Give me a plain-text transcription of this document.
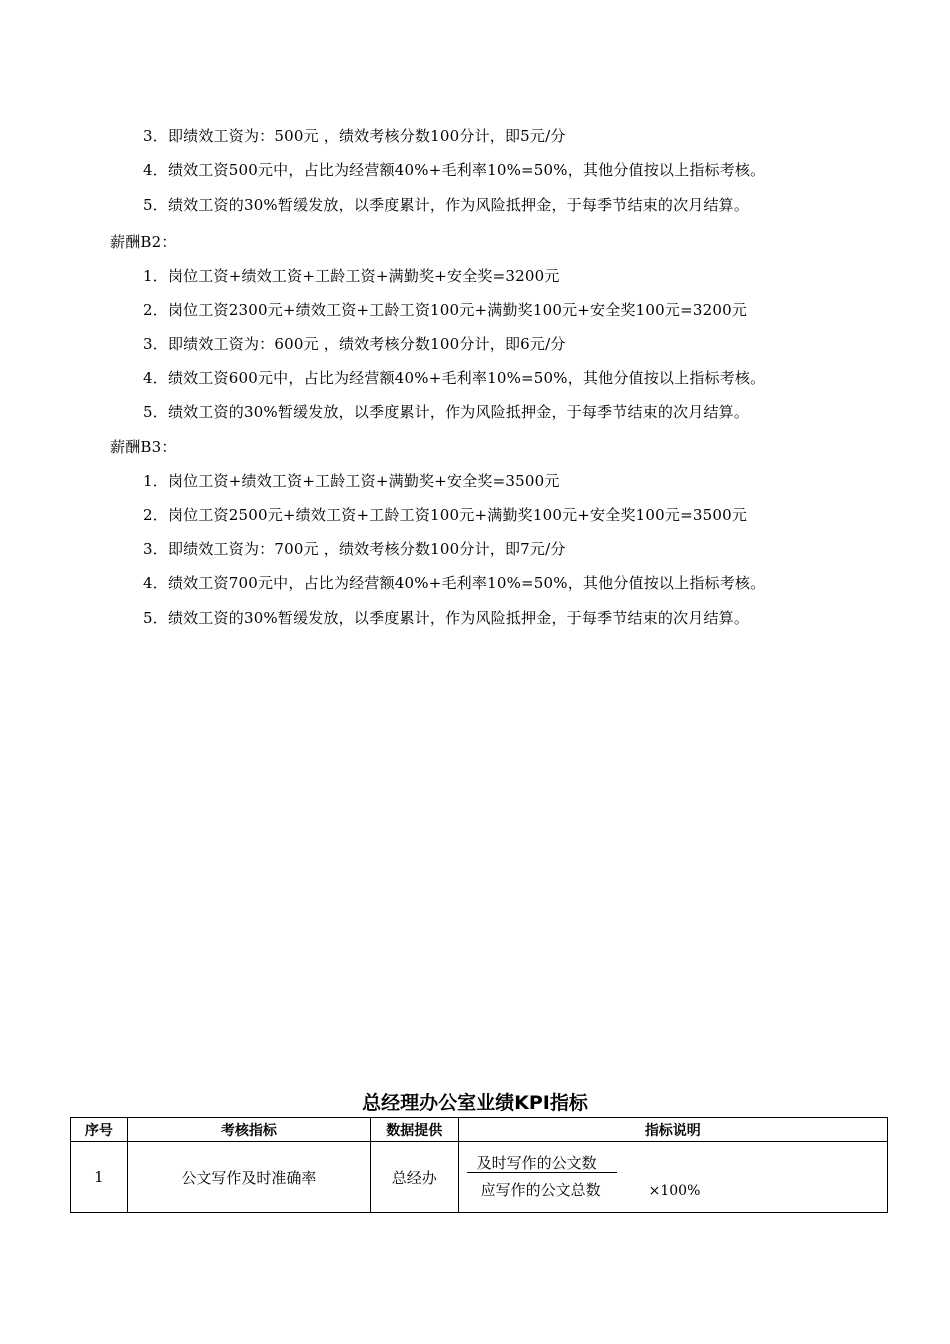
3．即绩效工资为：500元 ，绩效考核分数100分计，即5元/分
4．绩效工资500元中，占比为经营额40%+毛利率10%=50%，其他分值按以上指标考核。
5．绩效工资的30%暂缓发放，以季度累计，作为风险抵押金，于每季节结束的次月结算。
薪酬B2：
1．岗位工资+绩效工资+工龄工资+满勤奖+安全奖=3200元
2．岗位工资2300元+绩效工资+工龄工资100元+满勤奖100元+安全奖100元=3200元
3．即绩效工资为：600元 ，绩效考核分数100分计，即6元/分
4．绩效工资600元中，占比为经营额40%+毛利率10%=50%，其他分值按以上指标考核。
5．绩效工资的30%暂缓发放，以季度累计，作为风险抵押金，于每季节结束的次月结算。
薪酬B3：
1．岗位工资+绩效工资+工龄工资+满勤奖+安全奖=3500元
2．岗位工资2500元+绩效工资+工龄工资100元+满勤奖100元+安全奖100元=3500元
3．即绩效工资为：700元 ，绩效考核分数100分计，即7元/分
4．绩效工资700元中，占比为经营额40%+毛利率10%=50%，其他分值按以上指标考核。
5．绩效工资的30%暂缓发放，以季度累计，作为风险抵押金，于每季节结束的次月结算。
总经理办公室业绩KPI指标
序号	考核指标	数据提供	指标说明
1	公文写作及时准确率	总经办	及时写作的公文数
应写作的公文总数 ×100%
